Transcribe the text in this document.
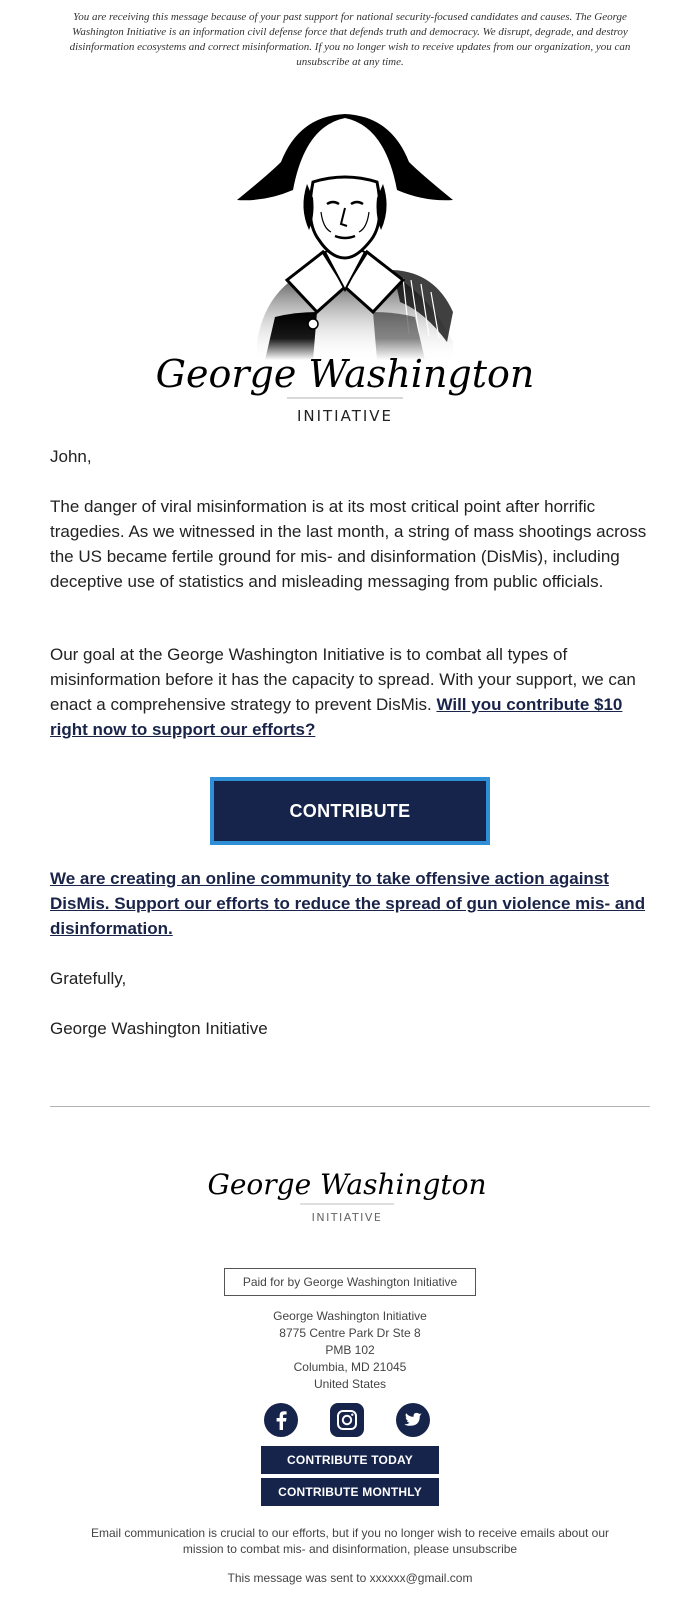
You are receiving this message because of your past support for national security-focused candidates and causes. The George Washington Initiative is an information civil defense force that defends truth and democracy. We disrupt, degrade, and destroy disinformation ecosystems and correct misinformation. If you no longer wish to receive updates from our organization, you can unsubscribe at any time.
George Washington
INITIATIVE
John,
The danger of viral misinformation is at its most critical point after horrific tragedies. As we witnessed in the last month, a string of mass shootings across the US became fertile ground for mis- and disinformation (DisMis), including deceptive use of statistics and misleading messaging from public officials.
Our goal at the George Washington Initiative is to combat all types of misinformation before it has the capacity to spread. With your support, we can enact a comprehensive strategy to prevent DisMis. Will you contribute $10 right now to support our efforts?
CONTRIBUTE
We are creating an online community to take offensive action against DisMis. Support our efforts to reduce the spread of gun violence mis- and disinformation.
Gratefully,
George Washington Initiative
George Washington
INITIATIVE
Paid for by George Washington Initiative
George Washington Initiative
8775 Centre Park Dr Ste 8
PMB 102
Columbia, MD 21045
United States
CONTRIBUTE TODAY
CONTRIBUTE MONTHLY
Email communication is crucial to our efforts, but if you no longer wish to receive emails about our mission to combat mis- and disinformation, please unsubscribe
This message was sent to xxxxxx@gmail.com
